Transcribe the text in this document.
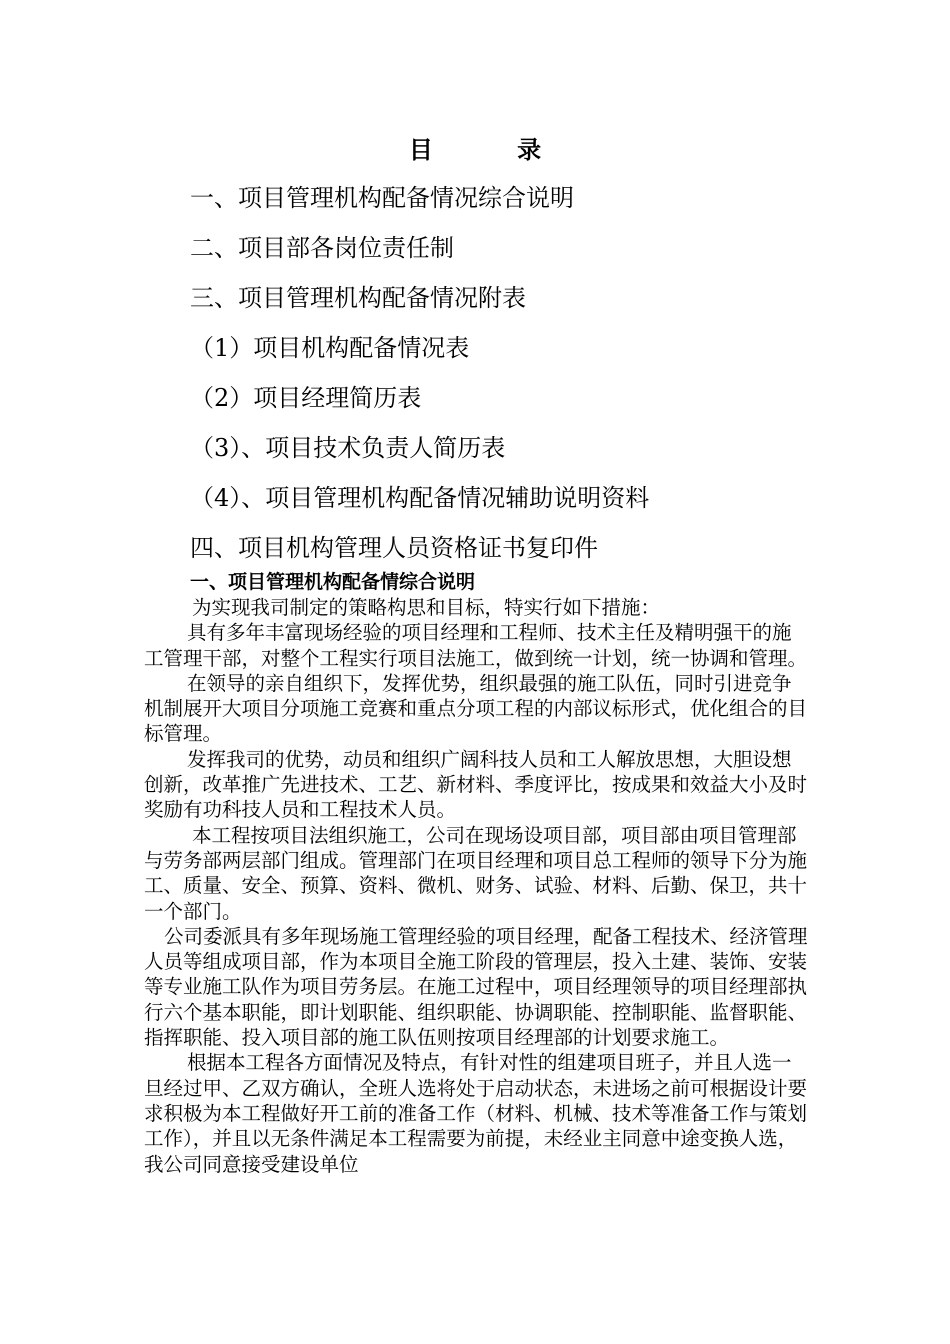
目 录
一、项目管理机构配备情况综合说明
二、项目部各岗位责任制
三、项目管理机构配备情况附表
（1）项目机构配备情况表
（2）项目经理简历表
（3）、项目技术负责人简历表
（4）、项目管理机构配备情况辅助说明资料
四、项目机构管理人员资格证书复印件
一、项目管理机构配备情综合说明

为实现我司制定的策略构思和目标，特实行如下措施：

具有多年丰富现场经验的项目经理和工程师、技术主任及精明强干的施工管理干部，对整个工程实行项目法施工，做到统一计划，统一协调和管理。

在领导的亲自组织下，发挥优势，组织最强的施工队伍，同时引进竞争机制展开大项目分项施工竞赛和重点分项工程的内部议标形式，优化组合的目标管理。

发挥我司的优势，动员和组织广阔科技人员和工人解放思想，大胆设想创新，改革推广先进技术、工艺、新材料、季度评比，按成果和效益大小及时奖励有功科技人员和工程技术人员。

本工程按项目法组织施工，公司在现场设项目部，项目部由项目管理部与劳务部两层部门组成。管理部门在项目经理和项目总工程师的领导下分为施工、质量、安全、预算、资料、微机、财务、试验、材料、后勤、保卫，共十一个部门。

公司委派具有多年现场施工管理经验的项目经理，配备工程技术、经济管理人员等组成项目部，作为本项目全施工阶段的管理层，投入土建、装饰、安装等专业施工队作为项目劳务层。在施工过程中，项目经理领导的项目经理部执行六个基本职能，即计划职能、组织职能、协调职能、控制职能、监督职能、指挥职能、投入项目部的施工队伍则按项目经理部的计划要求施工。

根据本工程各方面情况及特点，有针对性的组建项目班子，并且人选一旦经过甲、乙双方确认，全班人选将处于启动状态，未进场之前可根据设计要求积极为本工程做好开工前的准备工作（材料、机械、技术等准备工作与策划工作），并且以无条件满足本工程需要为前提，未经业主同意中途变换人选，我公司同意接受建设单位
